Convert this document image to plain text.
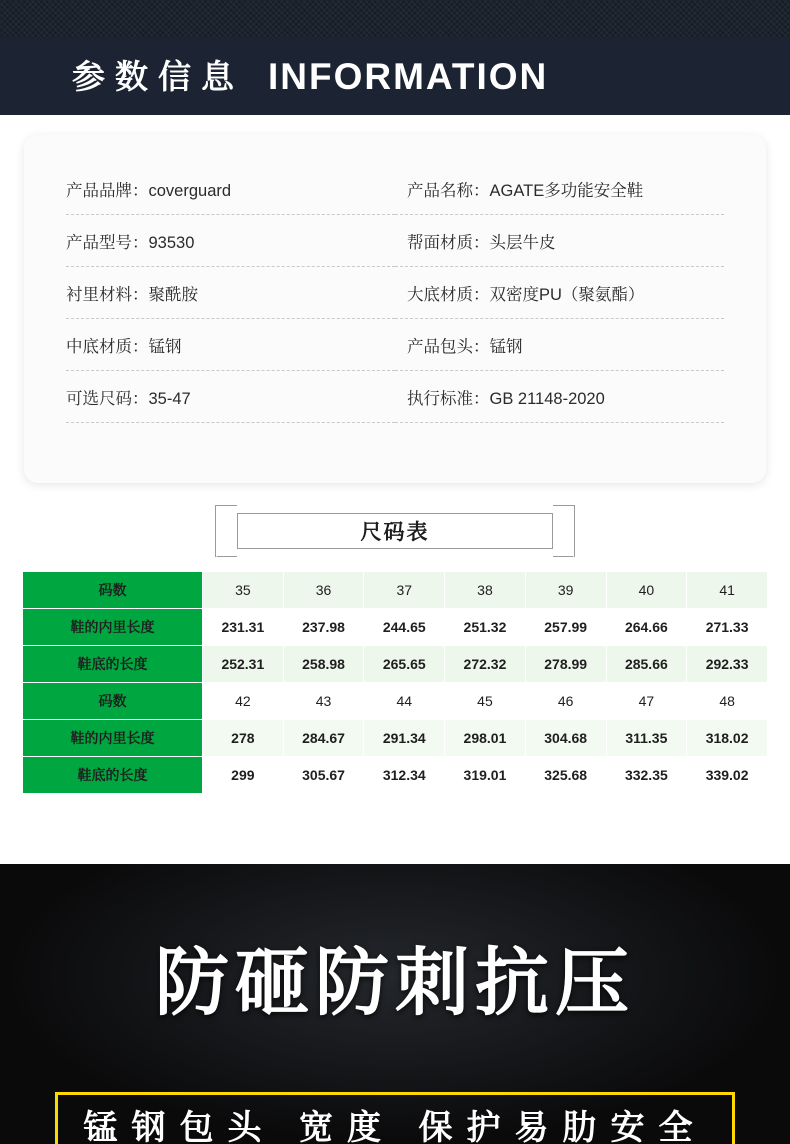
参数信息 INFORMATION
产品品牌：coverguard	产品名称：AGATE多功能安全鞋
产品型号：93530	帮面材质：头层牛皮
衬里材料：聚酰胺	大底材质：双密度PU（聚氨酯）
中底材质：锰钢	产品包头：锰钢
可选尺码：35-47	执行标准：GB 21148-2020
尺码表
码数	35	36	37	38	39	40	41
鞋的内里长度	231.31	237.98	244.65	251.32	257.99	264.66	271.33
鞋底的长度	252.31	258.98	265.65	272.32	278.99	285.66	292.33
码数	42	43	44	45	46	47	48
鞋的内里长度	278	284.67	291.34	298.01	304.68	311.35	318.02
鞋底的长度	299	305.67	312.34	319.01	325.68	332.35	339.02
防砸防刺抗压
锰钢包头 宽度 保护易肋安全
